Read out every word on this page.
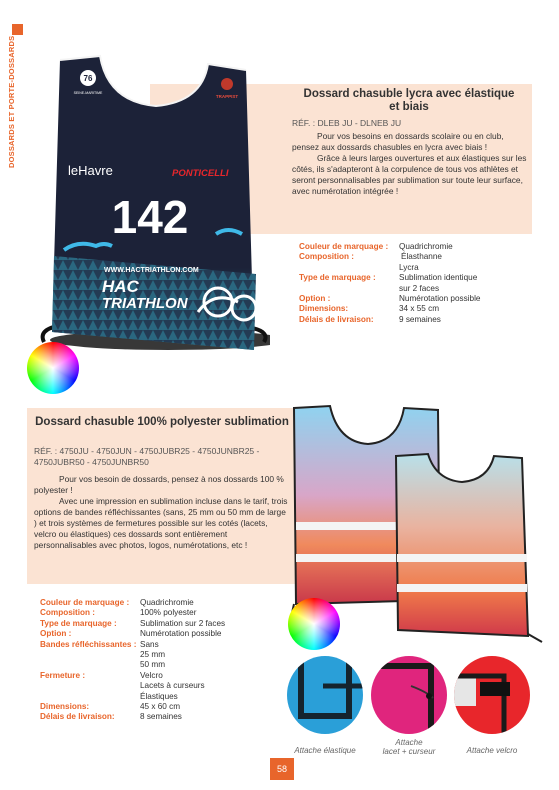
DOSSARDS ET PORTE-DOSSARDS	76
SEINE-MARITIME
TRAPPIST
leHavre	PONTICELLI
142
WWW.HACTRIATHLON.COM
HAC
TRIATHLON
Dossard chasuble lycra avec élastique et biais
RÉF. : DLEB JU - DLNEB JU

Pour vos besoins en dossards scolaire ou en club, pensez aux dossards chasubles en lycra avec biais !

Grâce à leurs larges ouvertures et aux élastiques sur les côtés, ils s'adapteront à la corpulence de tous vos athlètes et seront personnalisables par sublimation sur toute leur surface, avec numérotation intégrée !

Couleur de marquage :	Quadrichromie
Composition :	Élasthanne
Lycra
Type de marquage :	Sublimation identique
sur 2 faces
Option :	Numérotation possible
Dimensions:	34 x 55 cm
Délais de livraison:	9 semaines
Dossard chasuble 100% polyester sublimation
RÉF. : 4750JU - 4750JUN - 4750JUBR25 - 4750JUNBR25 - 4750JUBR50 - 4750JUNBR50

Pour vos besoin de dossards, pensez à nos dossards 100 % polyester !

Avec une impression en sublimation incluse dans le tarif, trois options de bandes réfléchissantes (sans, 25 mm ou 50 mm de large ) et trois systèmes de fermetures possible sur les cotés (lacets, velcro ou élastiques) ces dossards sont entièrement personnalisables avec photos, logos, numérotations, etc !

Couleur de marquage :	Quadrichromie
Composition :	100% polyester
Type de marquage :	Sublimation sur 2 faces
Option :	Numérotation possible
Bandes réfléchissantes : Sans
25 mm
50 mm
Fermeture :	Velcro
Lacets à curseurs
Élastiques
Dimensions:	45 x 60 cm
Délais de livraison:	8 semaines
Attache élastique
Attache
lacet + curseur	Attache velcro
58
